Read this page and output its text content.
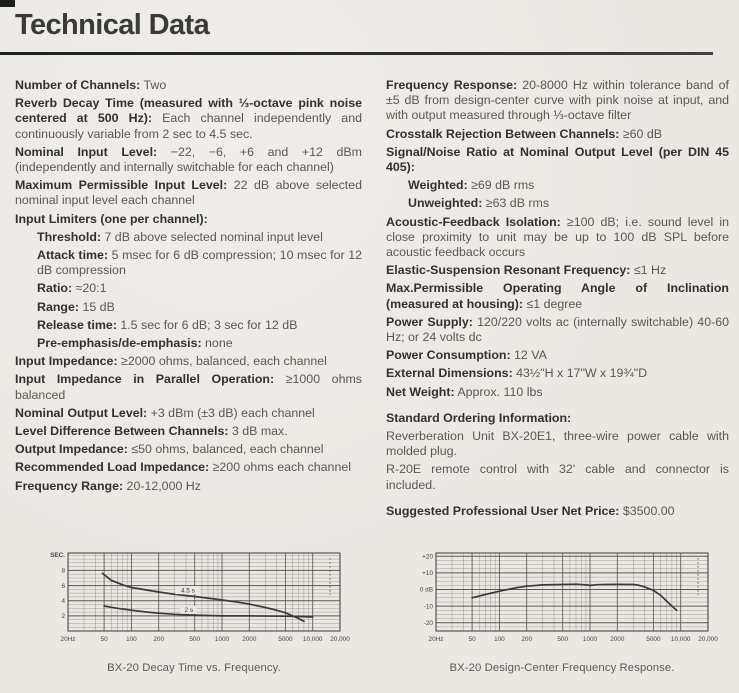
Technical Data

Number of Channels: Two

Reverb Decay Time (measured with ⅓-octave pink noise centered at 500 Hz): Each channel independently and continuously variable from 2 sec to 4.5 sec.

Nominal Input Level: −22, −6, +6 and +12 dBm (independently and internally switchable for each channel)

Maximum Permissible Input Level: 22 dB above selected nominal input level each channel

Input Limiters (one per channel):

Threshold: 7 dB above selected nominal input level

Attack time: 5 msec for 6 dB compression; 10 msec for 12 dB compression

Ratio: ≈20:1

Range: 15 dB

Release time: 1.5 sec for 6 dB; 3 sec for 12 dB

Pre-emphasis/de-emphasis: none

Input Impedance: ≥2000 ohms, balanced, each channel

Input Impedance in Parallel Operation: ≥1000 ohms balanced

Nominal Output Level: +3 dBm (±3 dB) each channel

Level Difference Between Channels: 3 dB max.

Output Impedance: ≤50 ohms, balanced, each channel

Recommended Load Impedance: ≥200 ohms each channel

Frequency Range: 20-12,000 Hz

Frequency Response: 20-8000 Hz within tolerance band of ±5 dB from design-center curve with pink noise at input, and with output measured through ⅓-octave filter

Crosstalk Rejection Between Channels: ≥60 dB

Signal/Noise Ratio at Nominal Output Level (per DIN 45 405):

Weighted: ≥69 dB rms

Unweighted: ≥63 dB rms

Acoustic-Feedback Isolation: ≥100 dB; i.e. sound level in close proximity to unit may be up to 100 dB SPL before acoustic feedback occurs

Elastic-Suspension Resonant Frequency: ≤1 Hz

Max.Permissible Operating Angle of Inclination (measured at housing): ≤1 degree

Power Supply: 120/220 volts ac (internally switchable) 40-60 Hz; or 24 volts dc

Power Consumption: 12 VA

External Dimensions: 43½"H x 17"W x 19¾"D

Net Weight: Approx. 110 lbs

Standard Ordering Information:

Reverberation Unit BX-20E1, three-wire power cable with molded plug.

R-20E remote control with 32' cable and connector is included.

Suggested Professional User Net Price: $3500.00

4.5 s
2 s
20Hz	50	100	200	500 1000 2000	5000 10,000 20,000
2
4
6
8
SEC.
BX-20 Decay Time vs. Frequency.
20Hz	50	100	200	500 1000 2000	5000 10,000 20,000
+20
+10
0 dB
-10
-20
BX-20 Design-Center Frequency Response.
